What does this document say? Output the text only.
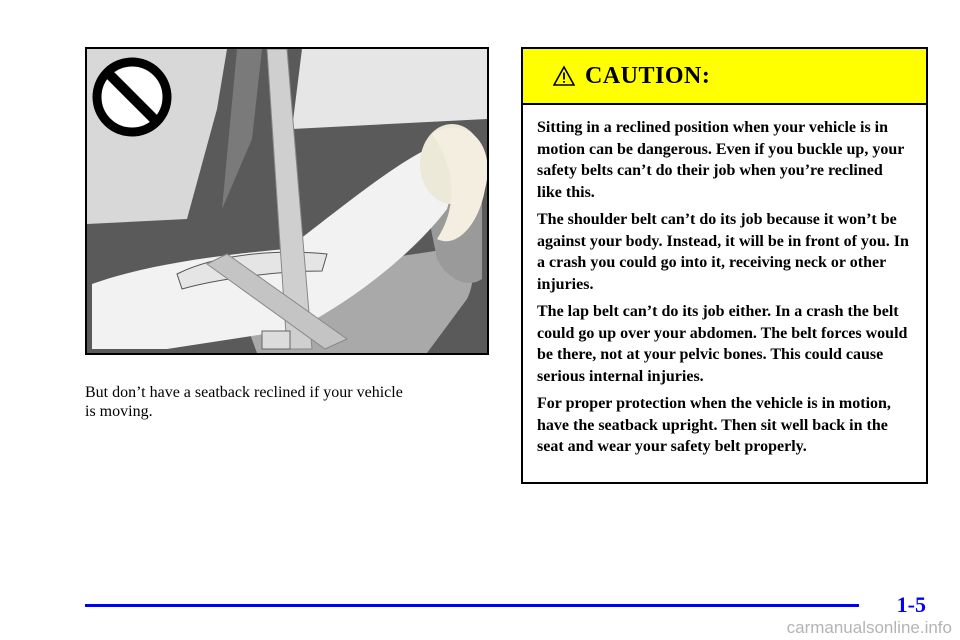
But don’t have a seatback reclined if your vehicle

is moving.

CAUTION:

Sitting in a reclined position when your vehicle is in motion can be dangerous. Even if you buckle up, your safety belts can’t do their job when you’re reclined like this.

The shoulder belt can’t do its job because it won’t be against your body. Instead, it will be in front of you. In a crash you could go into it, receiving neck or other injuries.

The lap belt can’t do its job either. In a crash the belt could go up over your abdomen. The belt forces would be there, not at your pelvic bones. This could cause serious internal injuries.

For proper protection when the vehicle is in motion, have the seatback upright. Then sit well back in the seat and wear your safety belt properly.

1-5
carmanualsonline.info
